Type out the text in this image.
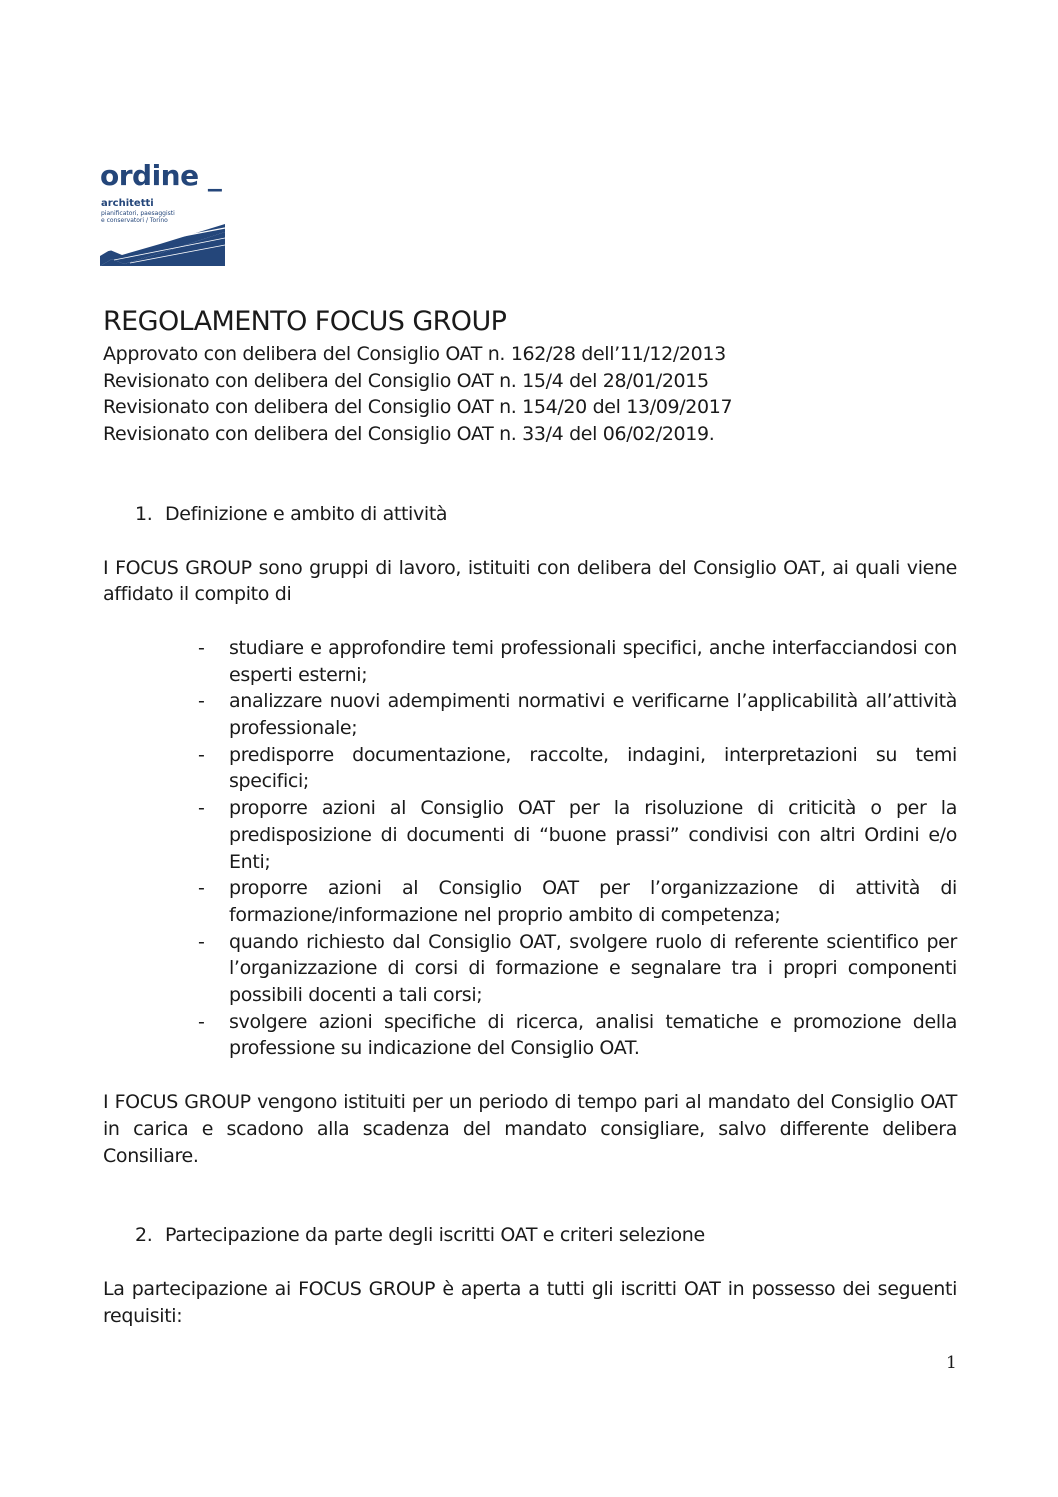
ordine _
architetti
pianificatori, paesaggisti
e conservatori / Torino
REGOLAMENTO FOCUS GROUP

Approvato con delibera del Consiglio OAT n. 162/28 dell’11/12/2013

Revisionato con delibera del Consiglio OAT n. 15/4 del 28/01/2015

Revisionato con delibera del Consiglio OAT n. 154/20 del 13/09/2017

Revisionato con delibera del Consiglio OAT n. 33/4 del 06/02/2019.

1. Definizione e ambito di attività

I FOCUS GROUP sono gruppi di lavoro, istituiti con delibera del Consiglio OAT, ai quali viene affidato il compito di

- studiare e approfondire temi professionali specifici, anche interfacciandosi con esperti esterni;
- analizzare nuovi adempimenti normativi e verificarne l’applicabilità all’attività professionale;
- predisporre documentazione, raccolte, indagini, interpretazioni su temi specifici;
- proporre azioni al Consiglio OAT per la risoluzione di criticità o per la predisposizione di documenti di “buone prassi” condivisi con altri Ordini e/o Enti;
- proporre azioni al Consiglio OAT per l’organizzazione di attività di formazione/informazione nel proprio ambito di competenza;
- quando richiesto dal Consiglio OAT, svolgere ruolo di referente scientifico per l’organizzazione di corsi di formazione e segnalare tra i propri componenti possibili docenti a tali corsi;
- svolgere azioni specifiche di ricerca, analisi tematiche e promozione della professione su indicazione del Consiglio OAT.

I FOCUS GROUP vengono istituiti per un periodo di tempo pari al mandato del Consiglio OAT in carica e scadono alla scadenza del mandato consigliare, salvo differente delibera Consiliare.

2. Partecipazione da parte degli iscritti OAT e criteri selezione

La partecipazione ai FOCUS GROUP è aperta a tutti gli iscritti OAT in possesso dei seguenti requisiti:

1
